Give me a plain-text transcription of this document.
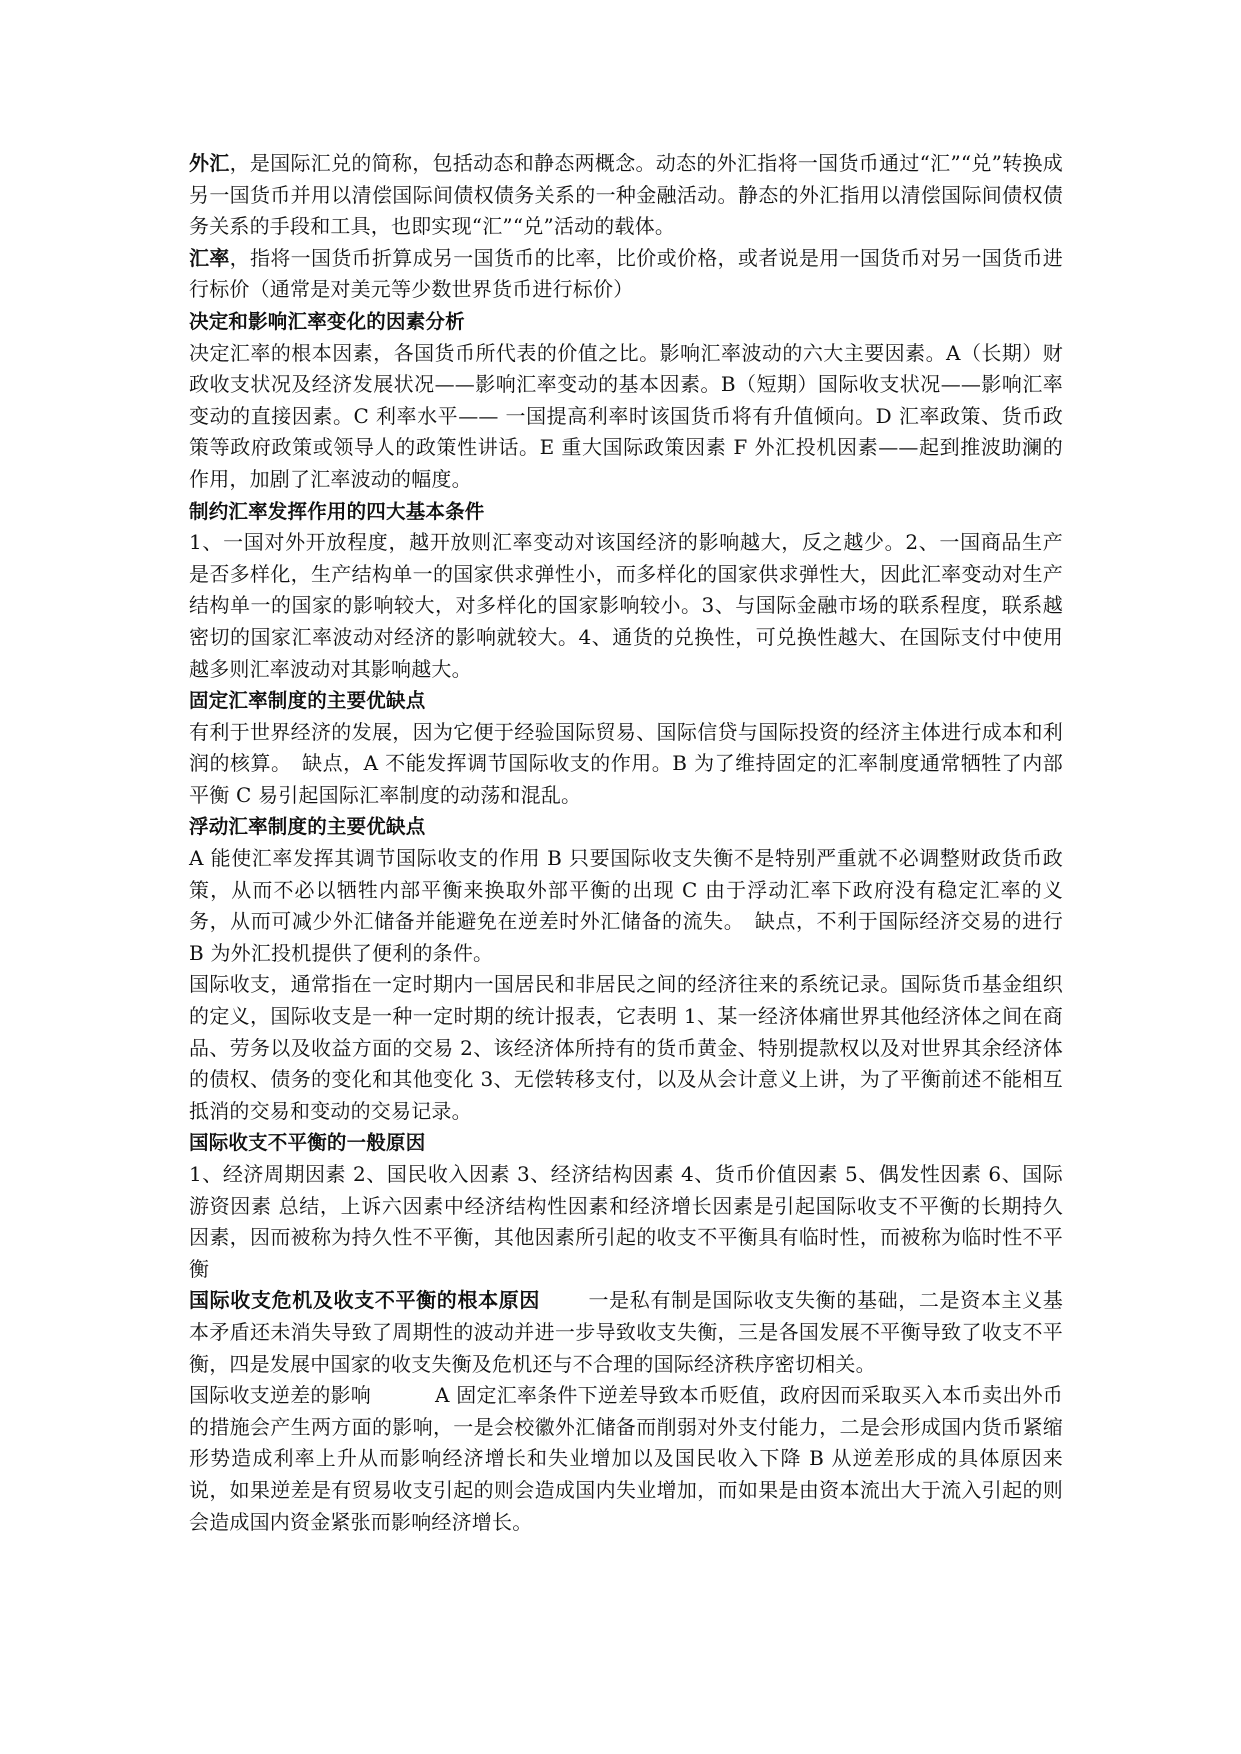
外汇，是国际汇兑的简称，包括动态和静态两概念。动态的外汇指将一国货币通过“汇”“兑”转换成另一国货币并用以清偿国际间债权债务关系的一种金融活动。静态的外汇指用以清偿国际间债权债务关系的手段和工具，也即实现“汇”“兑”活动的载体。

汇率，指将一国货币折算成另一国货币的比率，比价或价格，或者说是用一国货币对另一国货币进行标价（通常是对美元等少数世界货币进行标价）

决定和影响汇率变化的因素分析

决定汇率的根本因素，各国货币所代表的价值之比。影响汇率波动的六大主要因素。A（长期）财政收支状况及经济发展状况——影响汇率变动的基本因素。B（短期）国际收支状况——影响汇率变动的直接因素。C 利率水平—— 一国提高利率时该国货币将有升值倾向。D 汇率政策、货币政策等政府政策或领导人的政策性讲话。E 重大国际政策因素 F 外汇投机因素——起到推波助澜的作用，加剧了汇率波动的幅度。

制约汇率发挥作用的四大基本条件

1、一国对外开放程度，越开放则汇率变动对该国经济的影响越大，反之越少。2、一国商品生产是否多样化，生产结构单一的国家供求弹性小，而多样化的国家供求弹性大，因此汇率变动对生产结构单一的国家的影响较大，对多样化的国家影响较小。3、与国际金融市场的联系程度，联系越密切的国家汇率波动对经济的影响就较大。4、通货的兑换性，可兑换性越大、在国际支付中使用越多则汇率波动对其影响越大。

固定汇率制度的主要优缺点

有利于世界经济的发展，因为它便于经验国际贸易、国际信贷与国际投资的经济主体进行成本和利润的核算。　缺点，A 不能发挥调节国际收支的作用。B 为了维持固定的汇率制度通常牺牲了内部平衡 C 易引起国际汇率制度的动荡和混乱。

浮动汇率制度的主要优缺点

A 能使汇率发挥其调节国际收支的作用 B 只要国际收支失衡不是特别严重就不必调整财政货币政策，从而不必以牺牲内部平衡来换取外部平衡的出现 C 由于浮动汇率下政府没有稳定汇率的义务，从而可减少外汇储备并能避免在逆差时外汇储备的流失。　缺点，不利于国际经济交易的进行 B 为外汇投机提供了便利的条件。

国际收支，通常指在一定时期内一国居民和非居民之间的经济往来的系统记录。国际货币基金组织的定义，国际收支是一种一定时期的统计报表，它表明 1、某一经济体痛世界其他经济体之间在商品、劳务以及收益方面的交易 2、该经济体所持有的货币黄金、特别提款权以及对世界其余经济体的债权、债务的变化和其他变化 3、无偿转移支付，以及从会计意义上讲，为了平衡前述不能相互抵消的交易和变动的交易记录。

国际收支不平衡的一般原因

1、经济周期因素 2、国民收入因素 3、经济结构因素 4、货币价值因素 5、偶发性因素 6、国际游资因素 总结，上诉六因素中经济结构性因素和经济增长因素是引起国际收支不平衡的长期持久因素，因而被称为持久性不平衡，其他因素所引起的收支不平衡具有临时性，而被称为临时性不平衡

国际收支危机及收支不平衡的根本原因 一是私有制是国际收支失衡的基础，二是资本主义基本矛盾还未消失导致了周期性的波动并进一步导致收支失衡，三是各国发展不平衡导致了收支不平衡，四是发展中国家的收支失衡及危机还与不合理的国际经济秩序密切相关。

国际收支逆差的影响	A 固定汇率条件下逆差导致本币贬值，政府因而采取买入本币卖出外币的措施会产生两方面的影响，一是会校徽外汇储备而削弱对外支付能力，二是会形成国内货币紧缩形势造成利率上升从而影响经济增长和失业增加以及国民收入下降 B 从逆差形成的具体原因来说，如果逆差是有贸易收支引起的则会造成国内失业增加，而如果是由资本流出大于流入引起的则会造成国内资金紧张而影响经济增长。
